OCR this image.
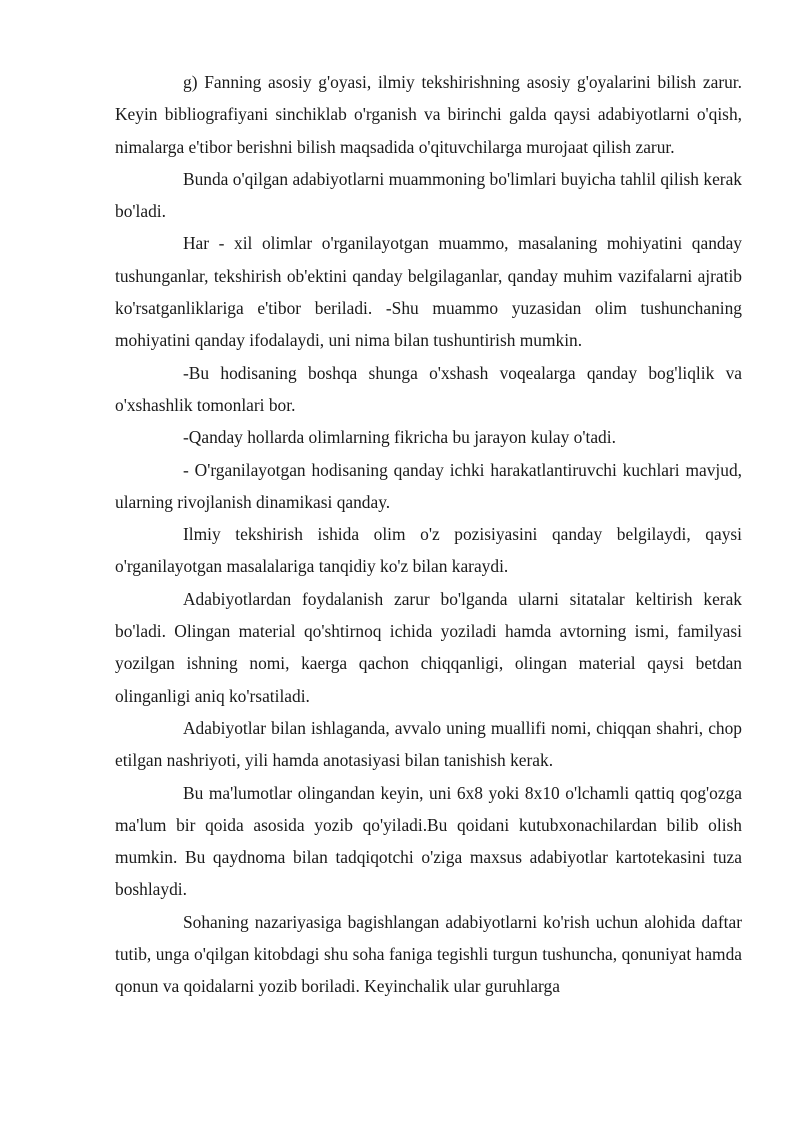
g) Fanning asosiy g'oyasi, ilmiy tekshirishning asosiy g'oyalarini bilish zarur. Keyin bibliografiyani sinchiklab o'rganish va birinchi galda qaysi adabiyotlarni o'qish, nimalarga e'tibor berishni bilish maqsadida o'qituvchilarga murojaat qilish zarur.

Bunda o'qilgan adabiyotlarni muammoning bo'limlari buyicha tahlil qilish kerak bo'ladi.

Har - xil olimlar o'rganilayotgan muammo, masalaning mohiyatini qanday tushunganlar, tekshirish ob'ektini qanday belgilaganlar, qanday muhim vazifalarni ajratib ko'rsatganliklariga e'tibor beriladi. -Shu muammo yuzasidan olim tushunchaning mohiyatini qanday ifodalaydi, uni nima bilan tushuntirish mumkin.

-Bu hodisaning boshqa shunga o'xshash voqealarga qanday bog'liqlik va o'xshashlik tomonlari bor.

-Qanday hollarda olimlarning fikricha bu jarayon kulay o'tadi.

- O'rganilayotgan hodisaning qanday ichki harakatlantiruvchi kuchlari mavjud, ularning rivojlanish dinamikasi qanday.

Ilmiy tekshirish ishida olim o'z pozisiyasini qanday belgilaydi, qaysi o'rganilayotgan masalalariga tanqidiy ko'z bilan karaydi.

Adabiyotlardan foydalanish zarur bo'lganda ularni sitatalar keltirish kerak bo'ladi. Olingan material qo'shtirnoq ichida yoziladi hamda avtorning ismi, familyasi yozilgan ishning nomi, kaerga qachon chiqqanligi, olingan material qaysi betdan olinganligi aniq ko'rsatiladi.

Adabiyotlar bilan ishlaganda, avvalo uning muallifi nomi, chiqqan shahri, chop etilgan nashriyoti, yili hamda anotasiyasi bilan tanishish kerak.

Bu ma'lumotlar olingandan keyin, uni 6x8 yoki 8x10 o'lchamli qattiq qog'ozga ma'lum bir qoida asosida yozib qo'yiladi.Bu qoidani kutubxonachilardan bilib olish mumkin. Bu qaydnoma bilan tadqiqotchi o'ziga maxsus adabiyotlar kartotekasini tuza boshlaydi.

Sohaning nazariyasiga bagishlangan adabiyotlarni ko'rish uchun alohida daftar tutib, unga o'qilgan kitobdagi shu soha faniga tegishli turgun tushuncha, qonuniyat hamda qonun va qoidalarni yozib boriladi. Keyinchalik ular guruhlarga
